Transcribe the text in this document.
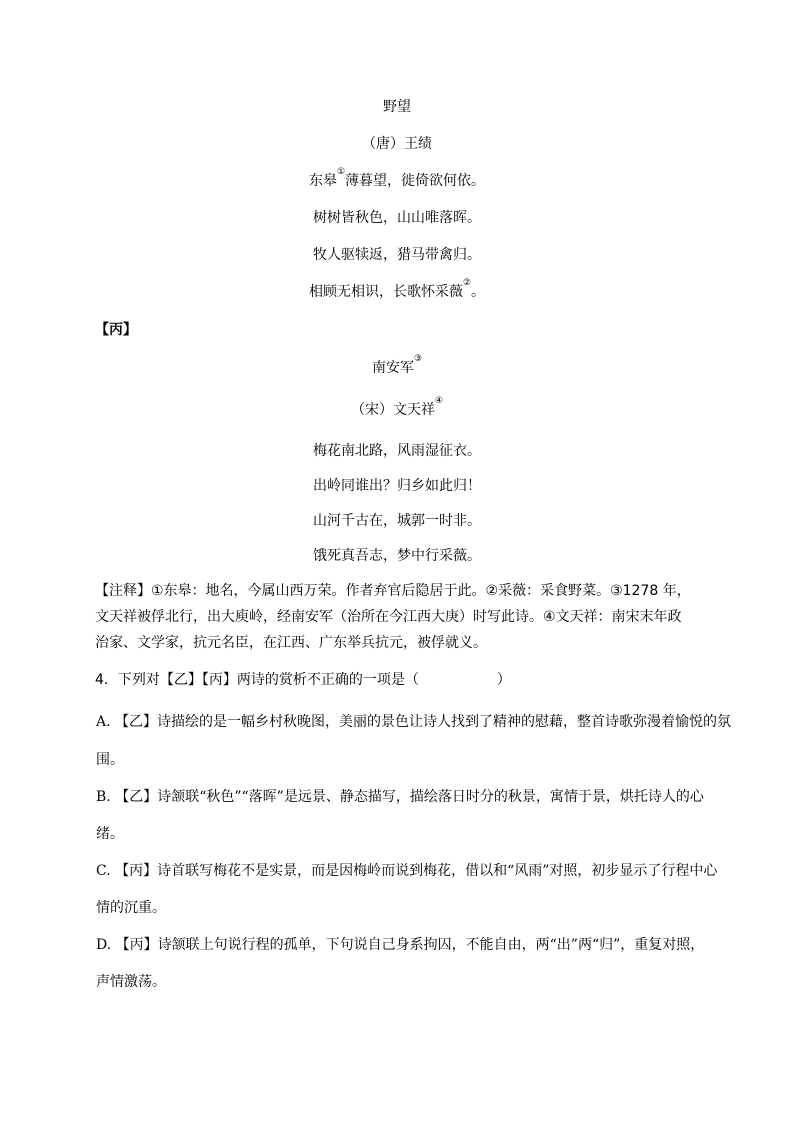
野望
（唐）王绩
东皋①薄暮望，徙倚欲何依。
树树皆秋色，山山唯落晖。
牧人驱犊返，猎马带禽归。
相顾无相识，长歌怀采薇②。
【丙】
南安军③
（宋）文天祥④
梅花南北路，风雨湿征衣。
出岭同谁出？归乡如此归！
山河千古在，城郭一时非。
饿死真吾志，梦中行采薇。
【注释】①东皋：地名，今属山西万荣。作者弃官后隐居于此。②采薇：采食野菜。③1278 年，
文天祥被俘北行，出大庾岭，经南安军（治所在今江西大庚）时写此诗。④文天祥：南宋末年政
治家、文学家，抗元名臣，在江西、广东举兵抗元，被俘就义。
4．下列对【乙】【丙】两诗的赏析不正确的一项是（	）
A. 【乙】诗描绘的是一幅乡村秋晚图，美丽的景色让诗人找到了精神的慰藉，整首诗歌弥漫着愉悦的氛
围。
B. 【乙】诗颔联“秋色”“落晖”是远景、静态描写，描绘落日时分的秋景，寓情于景，烘托诗人的心
绪。
C. 【丙】诗首联写梅花不是实景，而是因梅岭而说到梅花，借以和“风雨”对照，初步显示了行程中心
情的沉重。
D. 【丙】诗颔联上句说行程的孤单，下句说自己身系拘囚，不能自由，两“出”两“归”，重复对照，
声情激荡。
